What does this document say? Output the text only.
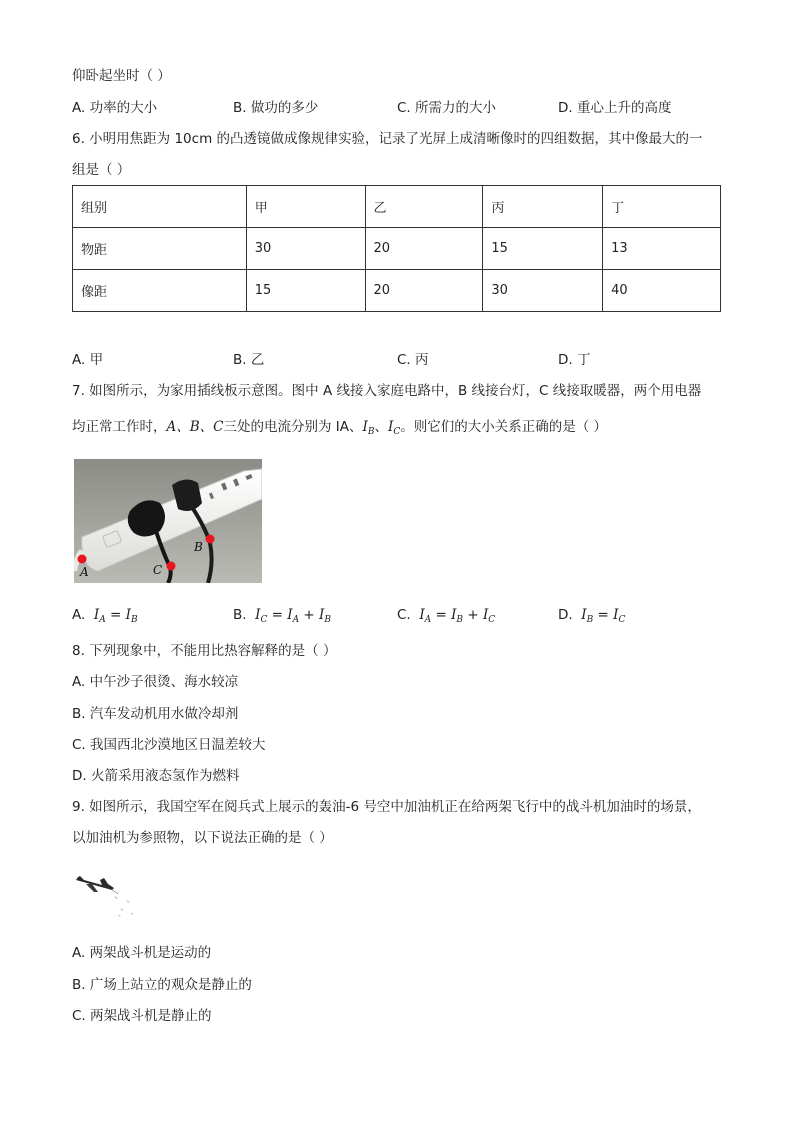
仰卧起坐时（ ）
A. 功率的大小	B. 做功的多少	C. 所需力的大小	D. 重心上升的高度
6. 小明用焦距为 10cm 的凸透镜做成像规律实验，记录了光屏上成清晰像时的四组数据，其中像最大的一
组是（ ）
组别	甲	乙	丙	丁
物距	30	20	15	13
像距	15	20	30	40
A. 甲	B. 乙	C. 丙	D. 丁
7. 如图所示，为家用插线板示意图。图中 A 线接入家庭电路中，B 线接台灯，C 线接取暖器，两个用电器
均正常工作时，A、B、C三处的电流分别为 IA、$I_B$、$I_C$。则它们的大小关系正确的是（ ）
A	C
B
A. $I_A = I_B$	B. $I_C = I_A + I_B$	C. $I_A = I_B + I_C$	D. $I_B = I_C$
8. 下列现象中，不能用比热容解释的是（ ）
A. 中午沙子很烫、海水较凉
B. 汽车发动机用水做冷却剂
C. 我国西北沙漠地区日温差较大
D. 火箭采用液态氢作为燃料
9. 如图所示，我国空军在阅兵式上展示的轰油-6 号空中加油机正在给两架飞行中的战斗机加油时的场景，
以加油机为参照物，以下说法正确的是（ ）
A. 两架战斗机是运动的
B. 广场上站立的观众是静止的
C. 两架战斗机是静止的
